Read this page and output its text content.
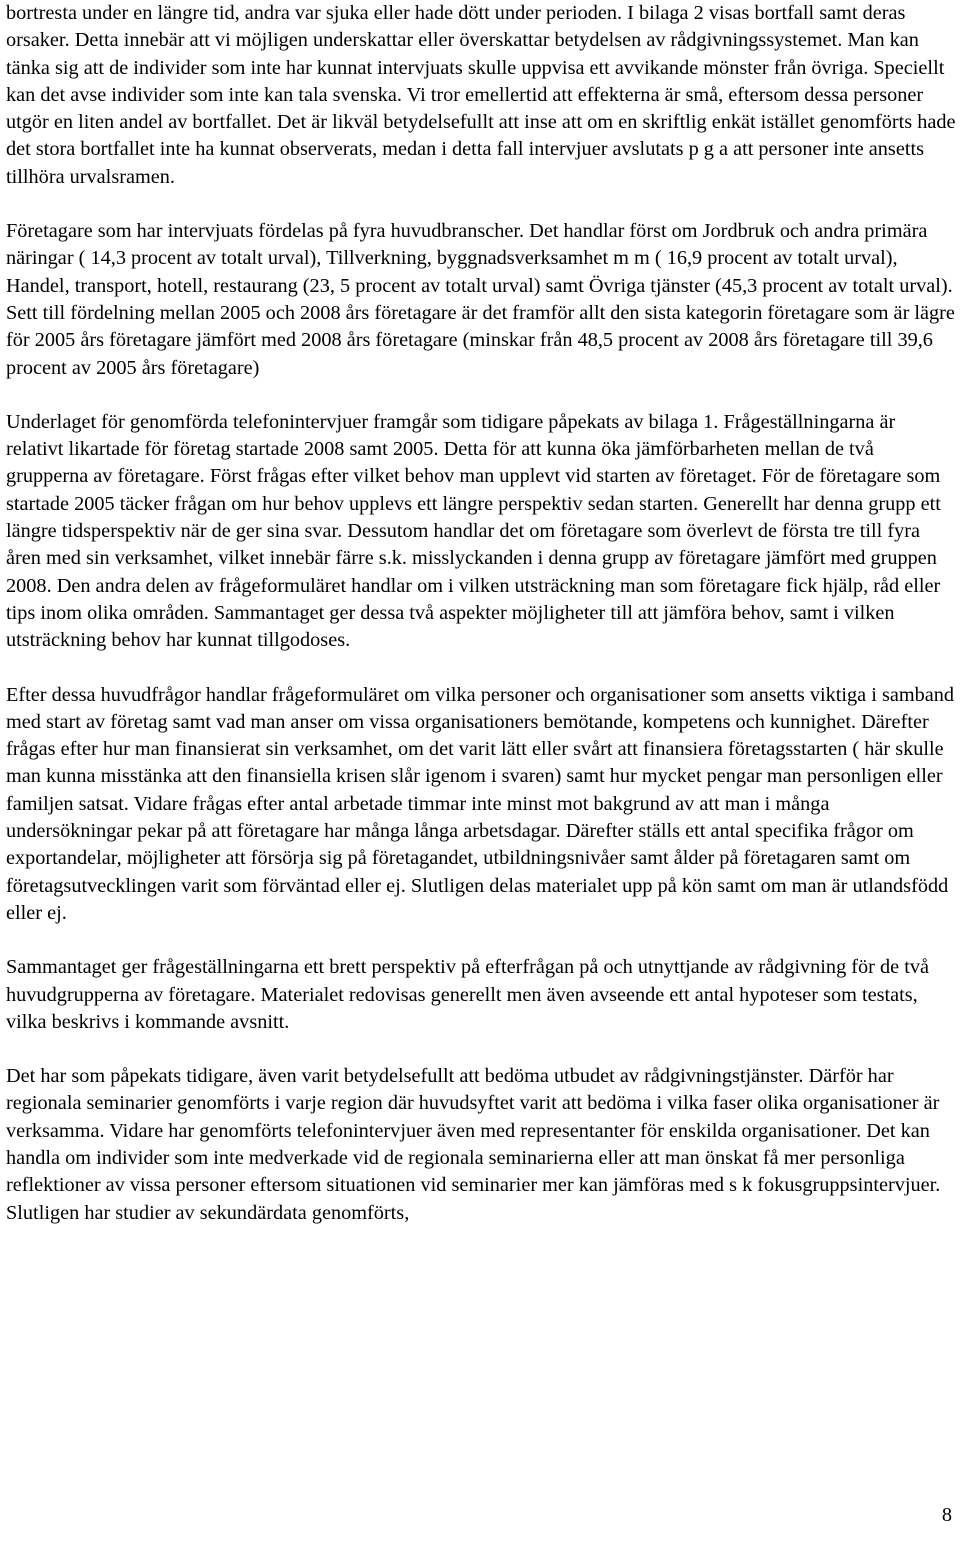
bortresta under en längre tid, andra var sjuka eller hade dött under perioden. I bilaga 2 visas bortfall samt deras orsaker. Detta innebär att vi möjligen underskattar eller överskattar betydelsen av rådgivningssystemet. Man kan tänka sig att de individer som inte har kunnat intervjuats skulle uppvisa ett avvikande mönster från övriga. Speciellt kan det avse individer som inte kan tala svenska. Vi tror emellertid att effekterna är små, eftersom dessa personer utgör en liten andel av bortfallet. Det är likväl betydelsefullt att inse att om en skriftlig enkät istället genomförts hade det stora bortfallet inte ha kunnat observerats, medan i detta fall intervjuer avslutats p g a att personer inte ansetts tillhöra urvalsramen.

Företagare som har intervjuats fördelas på fyra huvudbranscher. Det handlar först om Jordbruk och andra primära näringar ( 14,3 procent av totalt urval), Tillverkning, byggnadsverksamhet m m ( 16,9 procent av totalt urval), Handel, transport, hotell, restaurang (23, 5 procent av totalt urval) samt Övriga tjänster (45,3 procent av totalt urval). Sett till fördelning mellan 2005 och 2008 års företagare är det framför allt den sista kategorin företagare som är lägre för 2005 års företagare jämfört med 2008 års företagare (minskar från 48,5 procent av 2008 års företagare till 39,6 procent av 2005 års företagare)

Underlaget för genomförda telefonintervjuer framgår som tidigare påpekats av bilaga 1. Frågeställningarna är relativt likartade för företag startade 2008 samt 2005. Detta för att kunna öka jämförbarheten mellan de två grupperna av företagare. Först frågas efter vilket behov man upplevt vid starten av företaget. För de företagare som startade 2005 täcker frågan om hur behov upplevs ett längre perspektiv sedan starten. Generellt har denna grupp ett längre tidsperspektiv när de ger sina svar. Dessutom handlar det om företagare som överlevt de första tre till fyra åren med sin verksamhet, vilket innebär färre s.k. misslyckanden i denna grupp av företagare jämfört med gruppen 2008. Den andra delen av frågeformuläret handlar om i vilken utsträckning man som företagare fick hjälp, råd eller tips inom olika områden. Sammantaget ger dessa två aspekter möjligheter till att jämföra behov, samt i vilken utsträckning behov har kunnat tillgodoses.

Efter dessa huvudfrågor handlar frågeformuläret om vilka personer och organisationer som ansetts viktiga i samband med start av företag samt vad man anser om vissa organisationers bemötande, kompetens och kunnighet. Därefter frågas efter hur man finansierat sin verksamhet, om det varit lätt eller svårt att finansiera företagsstarten ( här skulle man kunna misstänka att den finansiella krisen slår igenom i svaren) samt hur mycket pengar man personligen eller familjen satsat. Vidare frågas efter antal arbetade timmar inte minst mot bakgrund av att man i många undersökningar pekar på att företagare har många långa arbetsdagar. Därefter ställs ett antal specifika frågor om exportandelar, möjligheter att försörja sig på företagandet, utbildningsnivåer samt ålder på företagaren samt om företagsutvecklingen varit som förväntad eller ej. Slutligen delas materialet upp på kön samt om man är utlandsfödd eller ej.

Sammantaget ger frågeställningarna ett brett perspektiv på efterfrågan på och utnyttjande av rådgivning för de två huvudgrupperna av företagare. Materialet redovisas generellt men även avseende ett antal hypoteser som testats, vilka beskrivs i kommande avsnitt.

Det har som påpekats tidigare, även varit betydelsefullt att bedöma utbudet av rådgivningstjänster. Därför har regionala seminarier genomförts i varje region där huvudsyftet varit att bedöma i vilka faser olika organisationer är verksamma. Vidare har genomförts telefonintervjuer även med representanter för enskilda organisationer. Det kan handla om individer som inte medverkade vid de regionala seminarierna eller att man önskat få mer personliga reflektioner av vissa personer eftersom situationen vid seminarier mer kan jämföras med s k fokusgruppsintervjuer. Slutligen har studier av sekundärdata genomförts,

8
